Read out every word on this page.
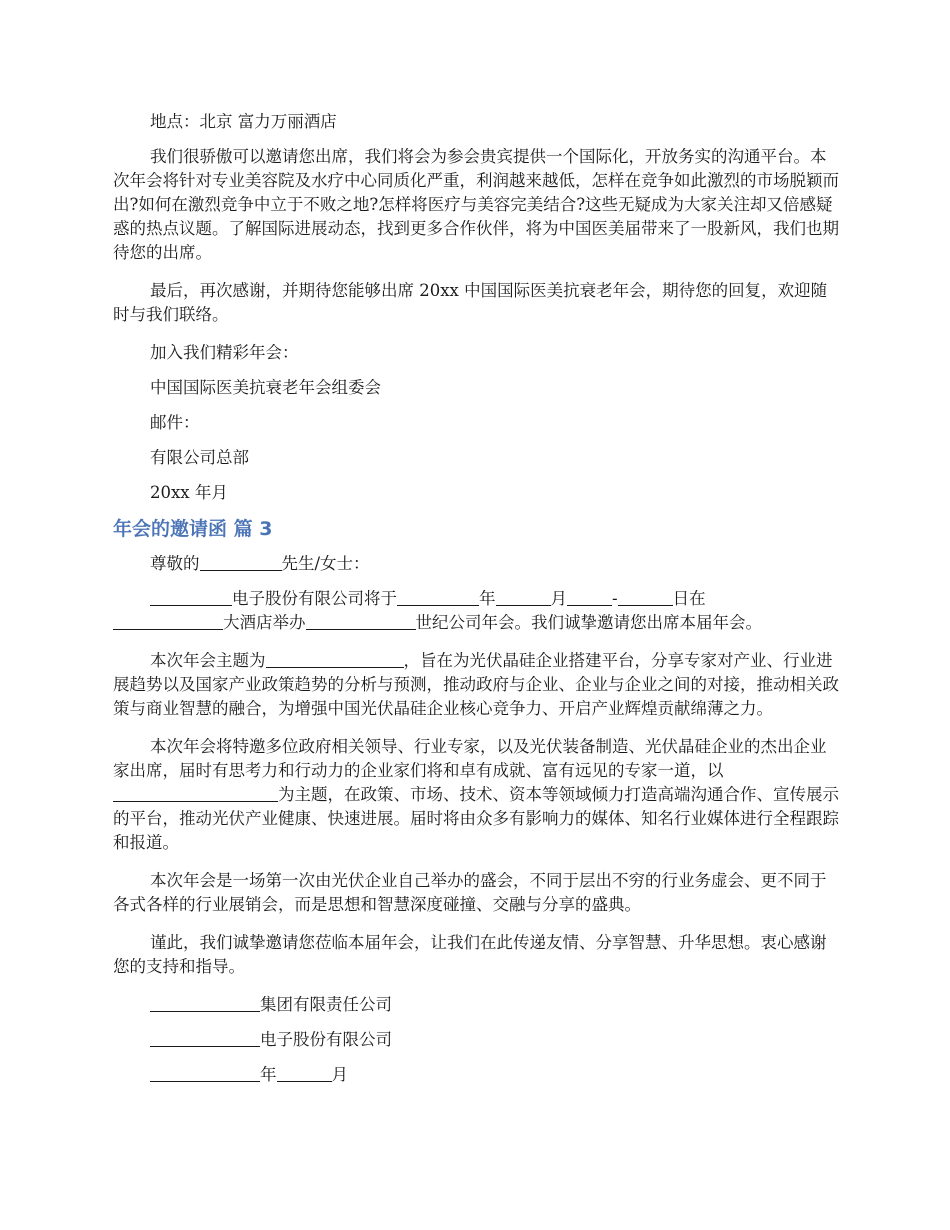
地点：北京 富力万丽酒店

我们很骄傲可以邀请您出席，我们将会为参会贵宾提供一个国际化，开放务实的沟通平台。本次年会将针对专业美容院及水疗中心同质化严重，利润越来越低，怎样在竞争如此激烈的市场脱颖而出?如何在激烈竞争中立于不败之地?怎样将医疗与美容完美结合?这些无疑成为大家关注却又倍感疑惑的热点议题。了解国际进展动态，找到更多合作伙伴，将为中国医美届带来了一股新风，我们也期待您的出席。

最后，再次感谢，并期待您能够出席 20xx 中国国际医美抗衰老年会，期待您的回复，欢迎随时与我们联络。

加入我们精彩年会：

中国国际医美抗衰老年会组委会

邮件：

有限公司总部

20xx 年月

年会的邀请函 篇 3

尊敬的	先生/女士：

电子股份有限公司将于	年	月	-	日在
大酒店举办	世纪公司年会。我们诚挚邀请您出席本届年会。

本次年会主题为	，旨在为光伏晶硅企业搭建平台，分享专家对产业、行业进展趋势以及国家产业政策趋势的分析与预测，推动政府与企业、企业与企业之间的对接，推动相关政策与商业智慧的融合，为增强中国光伏晶硅企业核心竞争力、开启产业辉煌贡献绵薄之力。

本次年会将特邀多位政府相关领导、行业专家，以及光伏装备制造、光伏晶硅企业的杰出企业家出席，届时有思考力和行动力的企业家们将和卓有成就、富有远见的专家一道，以为主题，在政策、市场、技术、资本等领域倾力打造高端沟通合作、宣传展示的平台，推动光伏产业健康、快速进展。届时将由众多有影响力的媒体、知名行业媒体进行全程跟踪和报道。

本次年会是一场第一次由光伏企业自己举办的盛会，不同于层出不穷的行业务虚会、更不同于各式各样的行业展销会，而是思想和智慧深度碰撞、交融与分享的盛典。

谨此，我们诚挚邀请您莅临本届年会，让我们在此传递友情、分享智慧、升华思想。衷心感谢您的支持和指导。

集团有限责任公司

电子股份有限公司

年	月
